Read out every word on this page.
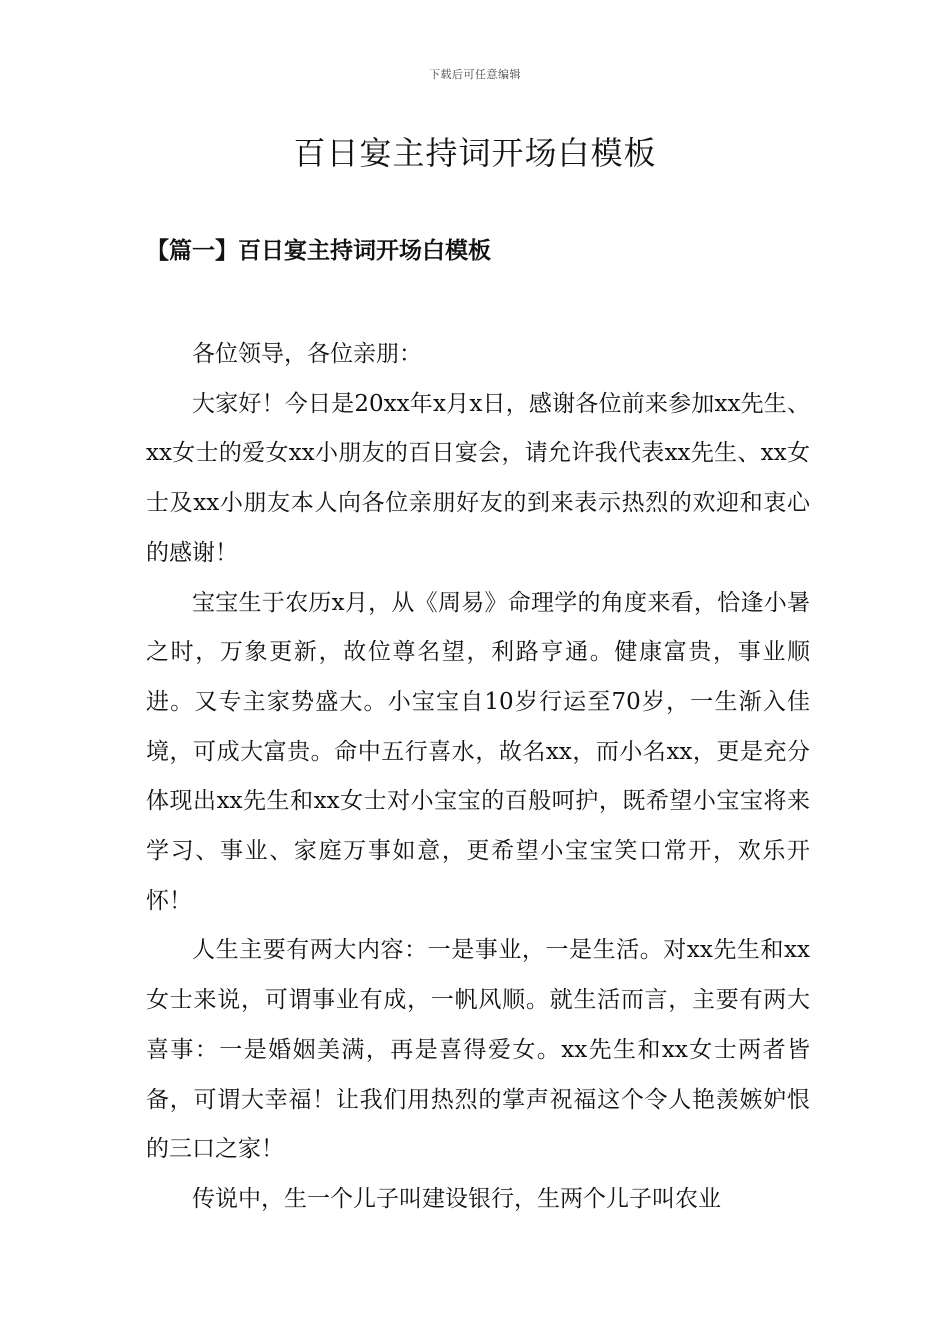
下载后可任意编辑
百日宴主持词开场白模板
【篇一】百日宴主持词开场白模板

各位领导，各位亲朋：

大家好！今日是20xx年x月x日，感谢各位前来参加xx先生、xx女士的爱女xx小朋友的百日宴会，请允许我代表xx先生、xx女士及xx小朋友本人向各位亲朋好友的到来表示热烈的欢迎和衷心的感谢！

宝宝生于农历x月，从《周易》命理学的角度来看，恰逢小暑之时，万象更新，故位尊名望，利路亨通。健康富贵，事业顺进。又专主家势盛大。小宝宝自10岁行运至70岁，一生渐入佳境，可成大富贵。命中五行喜水，故名xx，而小名xx，更是充分体现出xx先生和xx女士对小宝宝的百般呵护，既希望小宝宝将来学习、事业、家庭万事如意，更希望小宝宝笑口常开，欢乐开怀！

人生主要有两大内容：一是事业，一是生活。对xx先生和xx女士来说，可谓事业有成，一帆风顺。就生活而言，主要有两大喜事：一是婚姻美满，再是喜得爱女。xx先生和xx女士两者皆备，可谓大幸福！让我们用热烈的掌声祝福这个令人艳羡嫉妒恨的三口之家！

传说中，生一个儿子叫建设银行，生两个儿子叫农业
